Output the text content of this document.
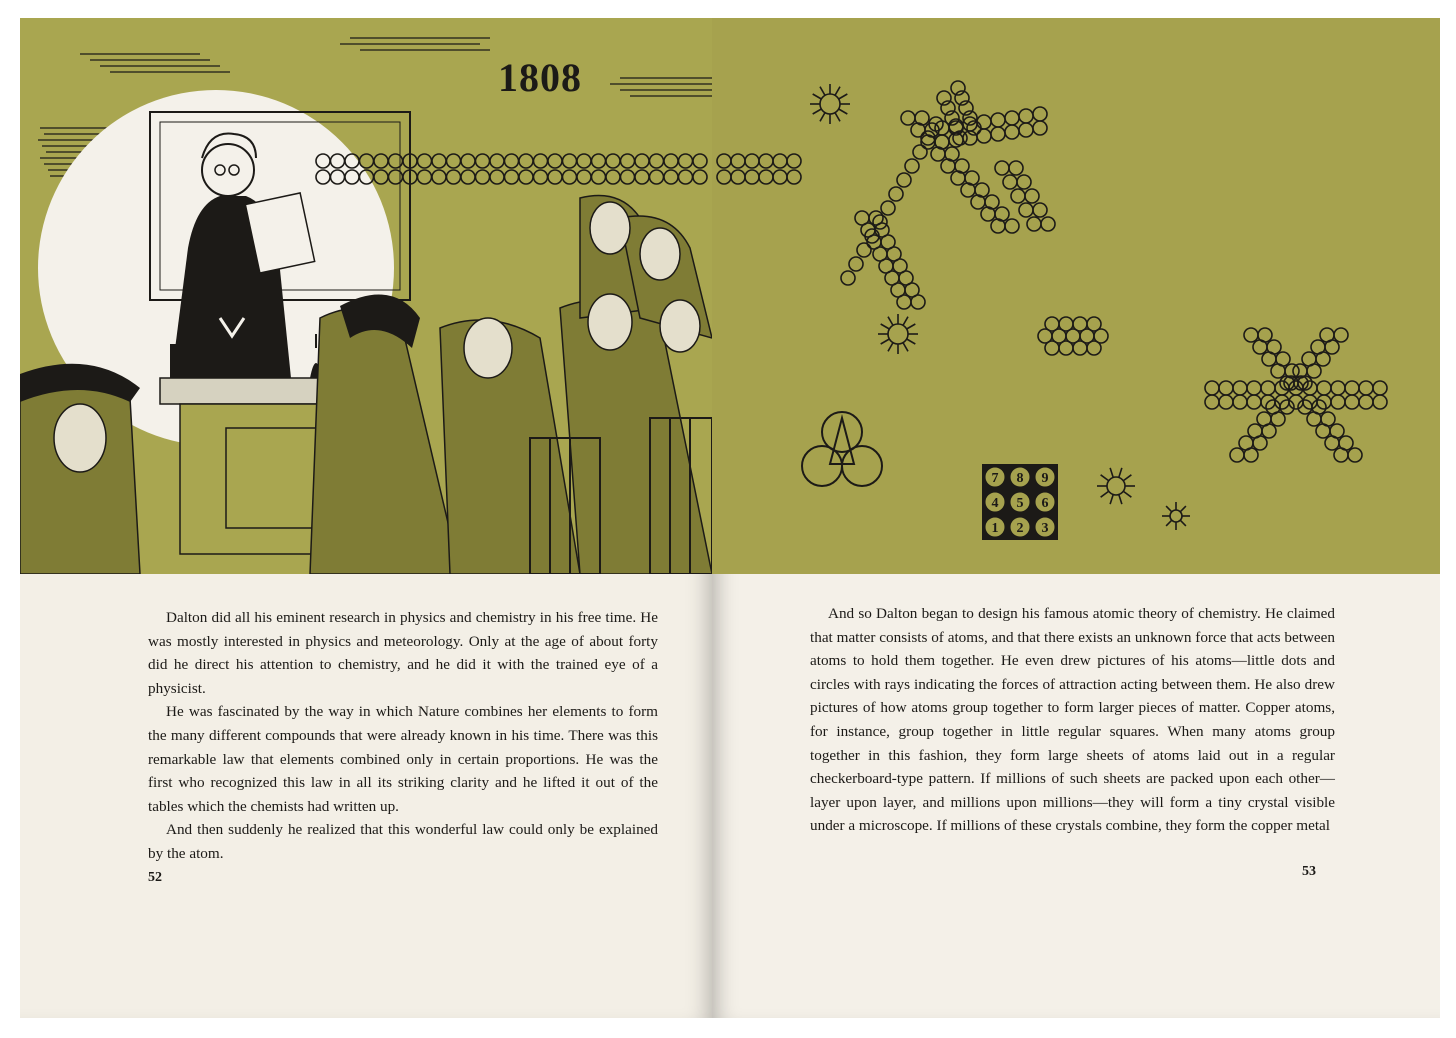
1808

Dalton did all his eminent research in physics and chemistry in his free time. He was mostly interested in physics and meteorology. Only at the age of about forty did he direct his attention to chemistry, and he did it with the trained eye of a physicist.

He was fascinated by the way in which Nature combines her elements to form the many different compounds that were already known in his time. There was this remarkable law that elements combined only in certain proportions. He was the first who recognized this law in all its striking clarity and he lifted it out of the tables which the chemists had written up.

And then suddenly he realized that this wonderful law could only be explained by the atom.

52
7 8 9
4 5 6
1 2 3

And so Dalton began to design his famous atomic theory of chemistry. He claimed that matter consists of atoms, and that there exists an unknown force that acts between atoms to hold them together. He even drew pictures of his atoms—little dots and circles with rays indicating the forces of attraction acting between them. He also drew pictures of how atoms group together to form larger pieces of matter. Copper atoms, for instance, group together in little regular squares. When many atoms group together in this fashion, they form large sheets of atoms laid out in a regular checkerboard-type pattern. If millions of such sheets are packed upon each other—layer upon layer, and millions upon millions—they will form a tiny crystal visible under a microscope. If millions of these crystals combine, they form the copper metal

53
